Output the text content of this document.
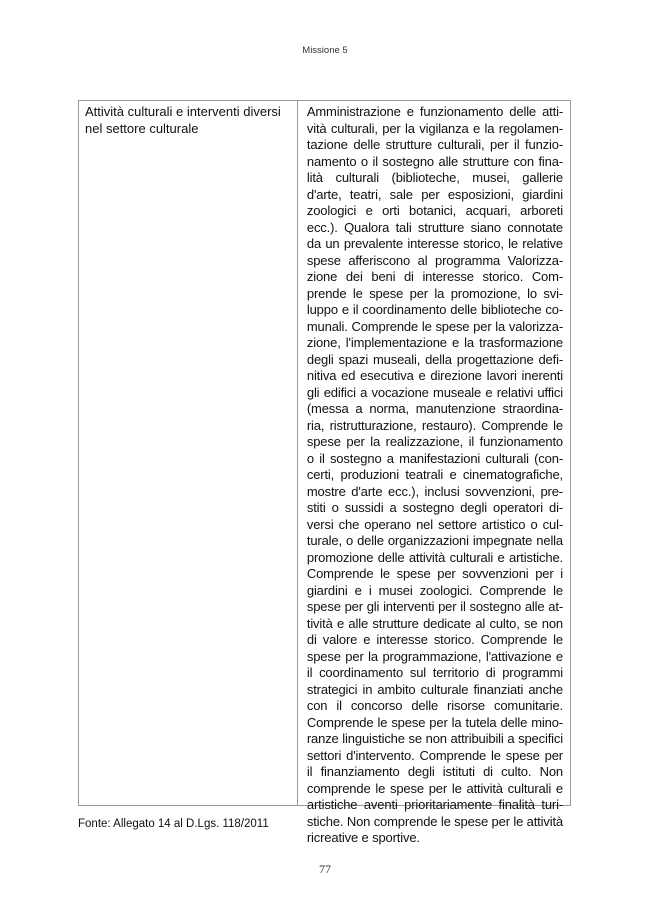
Missione 5
Attività culturali e interventi diversi nel settore culturale
Amministrazione e funzionamento delle atti-
vità culturali, per la vigilanza e la regolamen-
tazione delle strutture culturali, per il funzio-
namento o il sostegno alle strutture con fina-
lità culturali (biblioteche, musei, gallerie
d'arte, teatri, sale per esposizioni, giardini
zoologici e orti botanici, acquari, arboreti
ecc.). Qualora tali strutture siano connotate
da un prevalente interesse storico, le relative
spese afferiscono al programma Valorizza-
zione dei beni di interesse storico. Com-
prende le spese per la promozione, lo svi-
luppo e il coordinamento delle biblioteche co-
munali. Comprende le spese per la valorizza-
zione, l'implementazione e la trasformazione
degli spazi museali, della progettazione defi-
nitiva ed esecutiva e direzione lavori inerenti
gli edifici a vocazione museale e relativi uffici
(messa a norma, manutenzione straordina-
ria, ristrutturazione, restauro). Comprende le
spese per la realizzazione, il funzionamento
o il sostegno a manifestazioni culturali (con-
certi, produzioni teatrali e cinematografiche,
mostre d'arte ecc.), inclusi sovvenzioni, pre-
stiti o sussidi a sostegno degli operatori di-
versi che operano nel settore artistico o cul-
turale, o delle organizzazioni impegnate nella
promozione delle attività culturali e artistiche.
Comprende le spese per sovvenzioni per i
giardini e i musei zoologici. Comprende le
spese per gli interventi per il sostegno alle at-
tività e alle strutture dedicate al culto, se non
di valore e interesse storico. Comprende le
spese per la programmazione, l'attivazione e
il coordinamento sul territorio di programmi
strategici in ambito culturale finanziati anche
con il concorso delle risorse comunitarie.
Comprende le spese per la tutela delle mino-
ranze linguistiche se non attribuibili a specifici
settori d'intervento. Comprende le spese per
il finanziamento degli istituti di culto. Non
comprende le spese per le attività culturali e
artistiche aventi prioritariamente finalità turi-
stiche. Non comprende le spese per le attività
ricreative e sportive.
Fonte: Allegato 14 al D.Lgs. 118/2011
77
